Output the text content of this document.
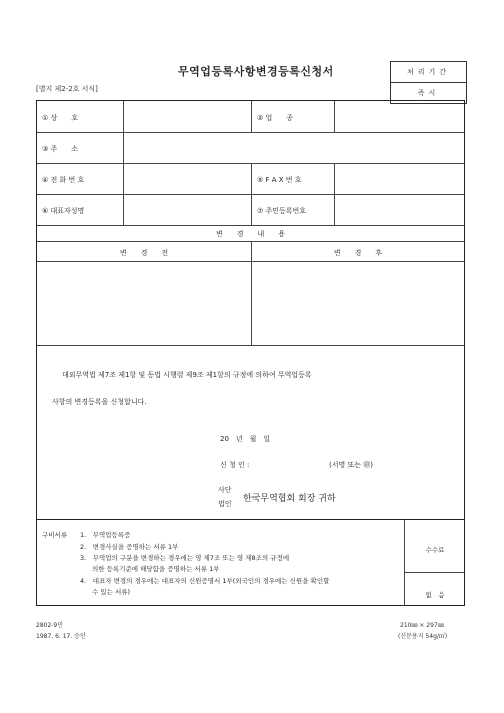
무역업등록사항변경등록신청서
[별지 제2-2호 서식]
처리기간
즉시
① 상　　호	② 업　　종
③ 주　　소
④ 전 화 번 호	⑤ F A X 번 호
⑥ 대표자성명	⑦ 주민등록번호
변　　경　　내　　용
변　　경　　전	변　　경　　후
대외무역법 제7조 제1항 및 동법 시행령 제9조 제1항의 규정에 의하여 무역업등록
사항의 변경등록을 신청합니다.
20　년　월　일
신 청 인 :	(서명 또는 ㊞)
사단
법인 한국무역협회 회장 귀하
구비서류 1.　무역업등록증
2.　변경사실을 증명하는 서류 1부
3.　무역업의 구분을 변경하는 경우에는 영 제7조 또는 영 제8조의 규정에
의한 등록기준에 해당함을 증명하는 서류 1부
4.　대표자 변경의 경우에는 대표자의 신원증명서 1부(외국인의 경우에는 신원을 확인할
수 있는 서류)
수수료
없　음
2802-9민
1987. 6. 17. 승인
210㎜ × 297㎜
(신문용지 54g/㎡)
